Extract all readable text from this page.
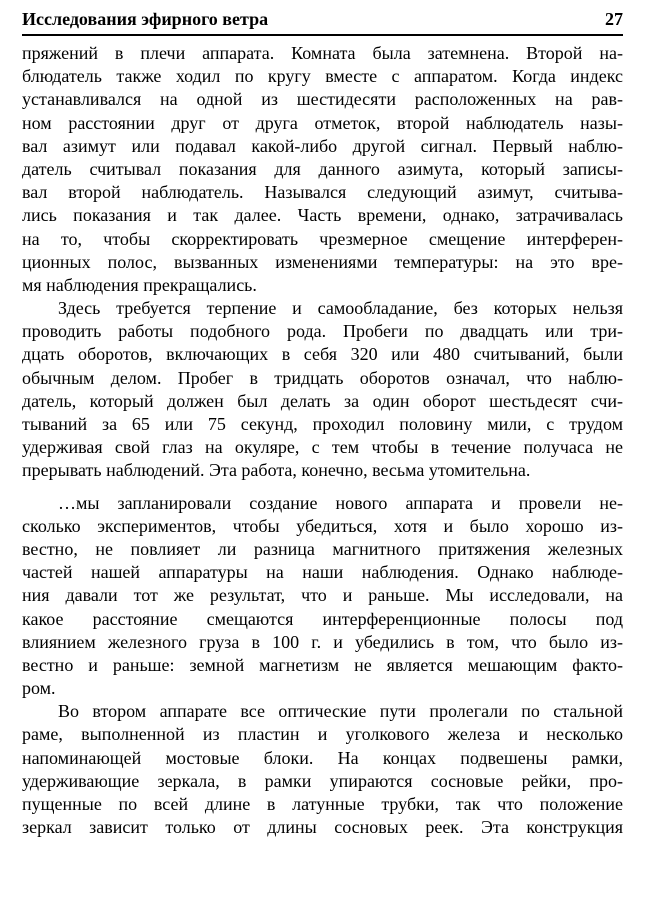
Исследования эфирного ветра	27
пряжений в плечи аппарата. Комната была затемнена. Второй на-
блюдатель также ходил по кругу вместе с аппаратом. Когда индекс
устанавливался на одной из шестидесяти расположенных на рав-
ном расстоянии друг от друга отметок, второй наблюдатель назы-
вал азимут или подавал какой-либо другой сигнал. Первый наблю-
датель считывал показания для данного азимута, который записы-
вал второй наблюдатель. Назывался следующий азимут, считыва-
лись показания и так далее. Часть времени, однако, затрачивалась
на то, чтобы скорректировать чрезмерное смещение интерферен-
ционных полос, вызванных изменениями температуры: на это вре-
мя наблюдения прекращались.
Здесь требуется терпение и самообладание, без которых нельзя
проводить работы подобного рода. Пробеги по двадцать или три-
дцать оборотов, включающих в себя 320 или 480 считываний, были
обычным делом. Пробег в тридцать оборотов означал, что наблю-
датель, который должен был делать за один оборот шестьдесят счи-
тываний за 65 или 75 секунд, проходил половину мили, с трудом
удерживая свой глаз на окуляре, с тем чтобы в течение получаса не
прерывать наблюдений. Эта работа, конечно, весьма утомительна.
…мы запланировали создание нового аппарата и провели не-
сколько экспериментов, чтобы убедиться, хотя и было хорошо из-
вестно, не повлияет ли разница магнитного притяжения железных
частей нашей аппаратуры на наши наблюдения. Однако наблюде-
ния давали тот же результат, что и раньше. Мы исследовали, на
какое расстояние смещаются интерференционные полосы под
влиянием железного груза в 100 г. и убедились в том, что было из-
вестно и раньше: земной магнетизм не является мешающим факто-
ром.
Во втором аппарате все оптические пути пролегали по стальной
раме, выполненной из пластин и уголкового железа и несколько
напоминающей мостовые блоки. На концах подвешены рамки,
удерживающие зеркала, в рамки упираются сосновые рейки, про-
пущенные по всей длине в латунные трубки, так что положение
зеркал зависит только от длины сосновых реек. Эта конструкция
